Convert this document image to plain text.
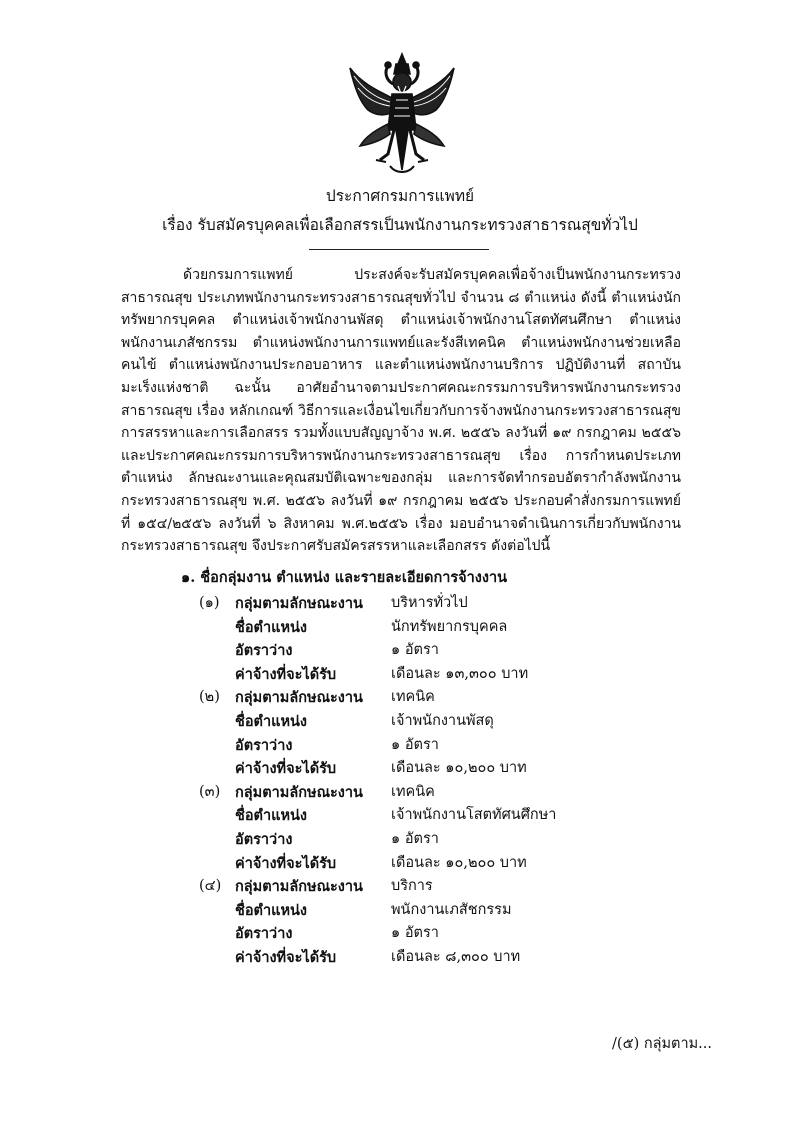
ประกาศกรมการแพทย์
เรื่อง รับสมัครบุคคลเพื่อเลือกสรรเป็นพนักงานกระทรวงสาธารณสุขทั่วไป

ด้วยกรมการแพทย์ ประสงค์จะรับสมัครบุคคลเพื่อจ้างเป็นพนักงานกระทรวงสาธารณสุข ประเภทพนักงานกระทรวงสาธารณสุขทั่วไป จำนวน ๘ ตำแหน่ง ดังนี้ ตำแหน่งนักทรัพยากรบุคคล ตำแหน่งเจ้าพนักงานพัสดุ ตำแหน่งเจ้าพนักงานโสตทัศนศึกษา ตำแหน่งพนักงานเภสัชกรรม ตำแหน่งพนักงานการแพทย์และรังสีเทคนิค ตำแหน่งพนักงานช่วยเหลือคนไข้ ตำแหน่งพนักงานประกอบอาหาร และตำแหน่งพนักงานบริการ ปฏิบัติงานที่ สถาบันมะเร็งแห่งชาติ ฉะนั้น อาศัยอำนาจตามประกาศคณะกรรมการบริหารพนักงานกระทรวงสาธารณสุข เรื่อง หลักเกณฑ์ วิธีการและเงื่อนไขเกี่ยวกับการจ้างพนักงานกระทรวงสาธารณสุข การสรรหาและการเลือกสรร รวมทั้งแบบสัญญาจ้าง พ.ศ. ๒๕๕๖ ลงวันที่ ๑๙ กรกฎาคม ๒๕๕๖ และประกาศคณะกรรมการบริหารพนักงานกระทรวงสาธารณสุข เรื่อง การกำหนดประเภท ตำแหน่ง ลักษณะงานและคุณสมบัติเฉพาะของกลุ่ม และการจัดทำกรอบอัตรากำลังพนักงานกระทรวงสาธารณสุข พ.ศ. ๒๕๕๖ ลงวันที่ ๑๙ กรกฎาคม ๒๕๕๖ ประกอบคำสั่งกรมการแพทย์ ที่ ๑๕๔/๒๕๕๖ ลงวันที่ ๖ สิงหาคม พ.ศ.๒๕๕๖ เรื่อง มอบอำนาจดำเนินการเกี่ยวกับพนักงานกระทรวงสาธารณสุข จึงประกาศรับสมัครสรรหาและเลือกสรร ดังต่อไปนี้

๑. ชื่อกลุ่มงาน ตำแหน่ง และรายละเอียดการจ้างงาน
(๑)	กลุ่มตามลักษณะงาน บริหารทั่วไป
ชื่อตำแหน่ง	นักทรัพยากรบุคคล
อัตราว่าง	๑ อัตรา
ค่าจ้างที่จะได้รับ	เดือนละ ๑๓,๓๐๐ บาท
(๒)	กลุ่มตามลักษณะงาน เทคนิค
ชื่อตำแหน่ง	เจ้าพนักงานพัสดุ
อัตราว่าง	๑ อัตรา
ค่าจ้างที่จะได้รับ	เดือนละ ๑๐,๒๐๐ บาท
(๓)	กลุ่มตามลักษณะงาน เทคนิค
ชื่อตำแหน่ง	เจ้าพนักงานโสตทัศนศึกษา
อัตราว่าง	๑ อัตรา
ค่าจ้างที่จะได้รับ	เดือนละ ๑๐,๒๐๐ บาท
(๔) กลุ่มตามลักษณะงาน บริการ
ชื่อตำแหน่ง	พนักงานเภสัชกรรม
อัตราว่าง	๑ อัตรา
ค่าจ้างที่จะได้รับ	เดือนละ ๘,๓๐๐ บาท
/(๕) กลุ่มตาม...
